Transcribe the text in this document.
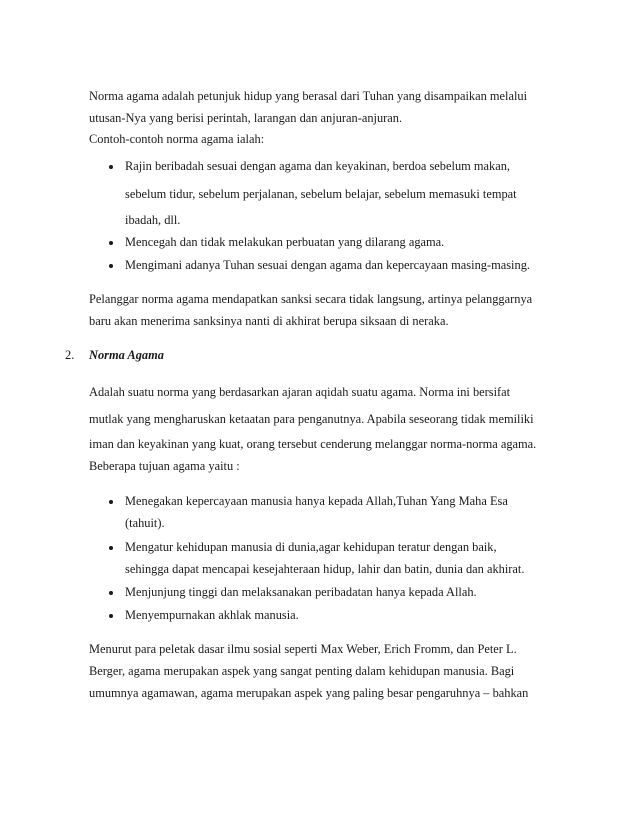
Norma agama adalah petunjuk hidup yang berasal dari Tuhan yang disampaikan melalui
utusan-Nya yang berisi perintah, larangan dan anjuran-anjuran.
Contoh-contoh norma agama ialah:
Rajin beribadah sesuai dengan agama dan keyakinan, berdoa sebelum makan,
sebelum tidur, sebelum perjalanan, sebelum belajar, sebelum memasuki tempat
ibadah, dll.
Mencegah dan tidak melakukan perbuatan yang dilarang agama.
Mengimani adanya Tuhan sesuai dengan agama dan kepercayaan masing-masing.
Pelanggar norma agama mendapatkan sanksi secara tidak langsung, artinya pelanggarnya
baru akan menerima sanksinya nanti di akhirat berupa siksaan di neraka.
2. Norma Agama
Adalah suatu norma yang berdasarkan ajaran aqidah suatu agama. Norma ini bersifat
mutlak yang mengharuskan ketaatan para penganutnya. Apabila seseorang tidak memiliki
iman dan keyakinan yang kuat, orang tersebut cenderung melanggar norma-norma agama.
Beberapa tujuan agama yaitu :
Menegakan kepercayaan manusia hanya kepada Allah,Tuhan Yang Maha Esa
(tahuit).
Mengatur kehidupan manusia di dunia,agar kehidupan teratur dengan baik,
sehingga dapat mencapai kesejahteraan hidup, lahir dan batin, dunia dan akhirat.
Menjunjung tinggi dan melaksanakan peribadatan hanya kepada Allah.
Menyempurnakan akhlak manusia.
Menurut para peletak dasar ilmu sosial seperti Max Weber, Erich Fromm, dan Peter L.
Berger, agama merupakan aspek yang sangat penting dalam kehidupan manusia. Bagi
umumnya agamawan, agama merupakan aspek yang paling besar pengaruhnya – bahkan
